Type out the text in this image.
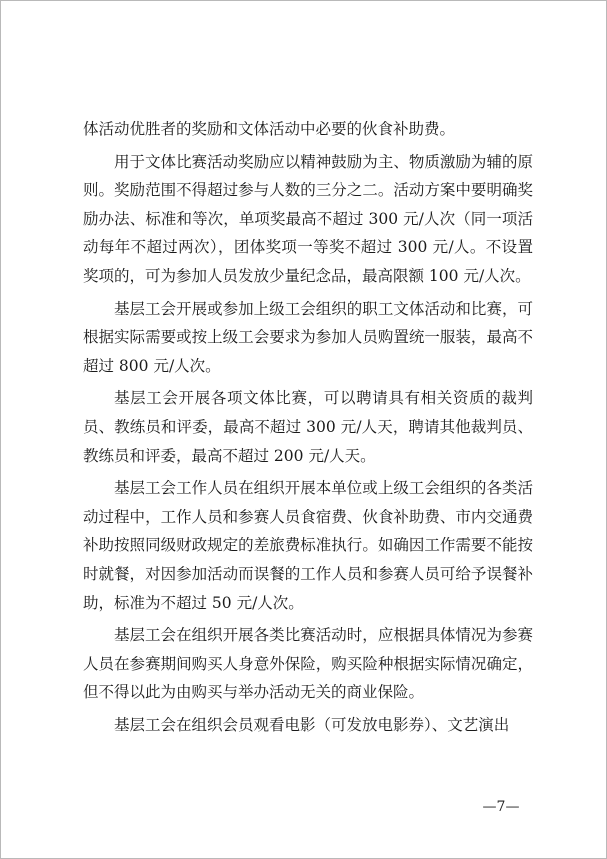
体活动优胜者的奖励和文体活动中必要的伙食补助费。

用于文体比赛活动奖励应以精神鼓励为主、物质激励为辅的原则。奖励范围不得超过参与人数的三分之二。活动方案中要明确奖励办法、标准和等次，单项奖最高不超过 300 元/人次（同一项活动每年不超过两次），团体奖项一等奖不超过 300 元/人。不设置奖项的，可为参加人员发放少量纪念品，最高限额 100 元/人次。

基层工会开展或参加上级工会组织的职工文体活动和比赛，可根据实际需要或按上级工会要求为参加人员购置统一服装，最高不超过 800 元/人次。

基层工会开展各项文体比赛，可以聘请具有相关资质的裁判员、教练员和评委，最高不超过 300 元/人天，聘请其他裁判员、教练员和评委，最高不超过 200 元/人天。

基层工会工作人员在组织开展本单位或上级工会组织的各类活动过程中，工作人员和参赛人员食宿费、伙食补助费、市内交通费补助按照同级财政规定的差旅费标准执行。如确因工作需要不能按时就餐，对因参加活动而误餐的工作人员和参赛人员可给予误餐补助，标准为不超过 50 元/人次。

基层工会在组织开展各类比赛活动时，应根据具体情况为参赛人员在参赛期间购买人身意外保险，购买险种根据实际情况确定，但不得以此为由购买与举办活动无关的商业保险。

基层工会在组织会员观看电影（可发放电影券）、文艺演出

—7—
